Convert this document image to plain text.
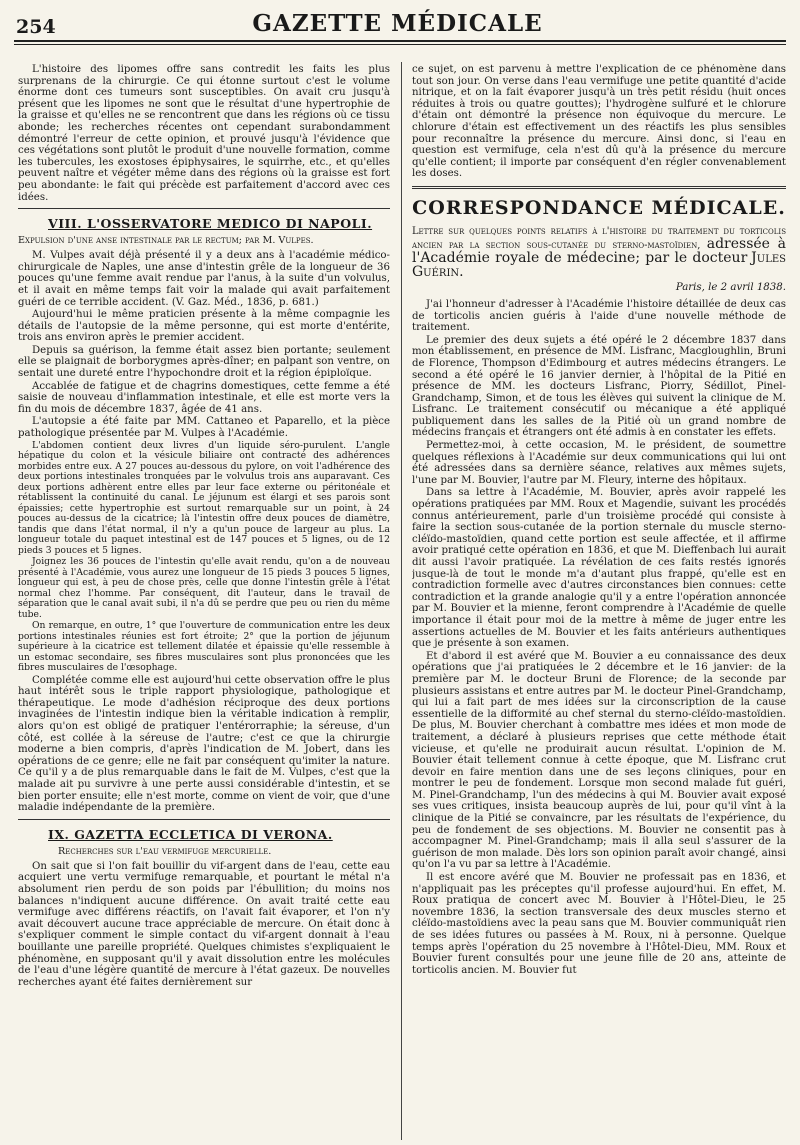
254	GAZETTE MÉDICALE

L'histoire des lipomes offre sans contredit les faits les plus surprenans de la chirurgie. Ce qui étonne surtout c'est le volume énorme dont ces tumeurs sont susceptibles. On avait cru jusqu'à présent que les lipomes ne sont que le résultat d'une hypertrophie de la graisse et qu'elles ne se rencontrent que dans les régions où ce tissu abonde; les recherches récentes ont cependant surabondamment démontré l'erreur de cette opinion, et prouvé jusqu'à l'évidence que ces végétations sont plutôt le produit d'une nouvelle formation, comme les tubercules, les exostoses épiphysaires, le squirrhe, etc., et qu'elles peuvent naître et végéter même dans des régions où la graisse est fort peu abondante: le fait qui précède est parfaitement d'accord avec ces idées.

VIII. L'OSSERVATORE MEDICO DI NAPOLI.
Expulsion d'une anse intestinale par le rectum; par M. Vulpes.

M. Vulpes avait déjà présenté il y a deux ans à l'académie médico-chirurgicale de Naples, une anse d'intestin grêle de la longueur de 36 pouces qu'une femme avait rendue par l'anus, à la suite d'un volvulus, et il avait en même temps fait voir la malade qui avait parfaitement guéri de ce terrible accident. (V. Gaz. Méd., 1836, p. 681.)

Aujourd'hui le même praticien présente à la même compagnie les détails de l'autopsie de la même personne, qui est morte d'entérite, trois ans environ après le premier accident.

Depuis sa guérison, la femme était assez bien portante; seulement elle se plaignait de borborygmes après-dîner; en palpant son ventre, on sentait une dureté entre l'hypochondre droit et la région épiploïque.

Accablée de fatigue et de chagrins domestiques, cette femme a été saisie de nouveau d'inflammation intestinale, et elle est morte vers la fin du mois de décembre 1837, âgée de 41 ans.

L'autopsie a été faite par MM. Cattaneo et Paparello, et la pièce pathologique présentée par M. Vulpes à l'Académie.

L'abdomen contient deux livres d'un liquide séro-purulent. L'angle hépatique du colon et la vésicule biliaire ont contracté des adhérences morbides entre eux. A 27 pouces au-dessous du pylore, on voit l'adhérence des deux portions intestinales tronquées par le volvulus trois ans auparavant. Ces deux portions adhèrent entre elles par leur face externe ou péritonéale et rétablissent la continuité du canal. Le jéjunum est élargi et ses parois sont épaissies; cette hypertrophie est surtout remarquable sur un point, à 24 pouces au-dessus de la cicatrice; là l'intestin offre deux pouces de diamètre, tandis que dans l'état normal, il n'y a qu'un pouce de largeur au plus. La longueur totale du paquet intestinal est de 147 pouces et 5 lignes, ou de 12 pieds 3 pouces et 5 lignes.

Joignez les 36 pouces de l'intestin qu'elle avait rendu, qu'on a de nouveau présenté à l'Académie, vous aurez une longueur de 15 pieds 3 pouces 5 lignes, longueur qui est, à peu de chose près, celle que donne l'intestin grêle à l'état normal chez l'homme. Par conséquent, dit l'auteur, dans le travail de séparation que le canal avait subi, il n'a dû se perdre que peu ou rien du même tube.

On remarque, en outre, 1° que l'ouverture de communication entre les deux portions intestinales réunies est fort étroite; 2° que la portion de jéjunum supérieure à la cicatrice est tellement dilatée et épaissie qu'elle ressemble à un estomac secondaire, ses fibres musculaires sont plus prononcées que les fibres musculaires de l'œsophage.

Complétée comme elle est aujourd'hui cette observation offre le plus haut intérêt sous le triple rapport physiologique, pathologique et thérapeutique. Le mode d'adhésion réciproque des deux portions invaginées de l'intestin indique bien la véritable indication à remplir, alors qu'on est obligé de pratiquer l'entérorraphie; la séreuse, d'un côté, est collée à la séreuse de l'autre; c'est ce que la chirurgie moderne a bien compris, d'après l'indication de M. Jobert, dans les opérations de ce genre; elle ne fait par conséquent qu'imiter la nature. Ce qu'il y a de plus remarquable dans le fait de M. Vulpes, c'est que la malade ait pu survivre à une perte aussi considérable d'intestin, et se bien porter ensuite; elle n'est morte, comme on vient de voir, que d'une maladie indépendante de la première.

IX. GAZETTA ECCLETICA DI VERONA.
Recherches sur l'eau vermifuge mercurielle.

On sait que si l'on fait bouillir du vif-argent dans de l'eau, cette eau acquiert une vertu vermifuge remarquable, et pourtant le métal n'a absolument rien perdu de son poids par l'ébullition; du moins nos balances n'indiquent aucune différence. On avait traité cette eau vermifuge avec différens réactifs, on l'avait fait évaporer, et l'on n'y avait découvert aucune trace appréciable de mercure. On était donc à s'expliquer comment le simple contact du vif-argent donnait à l'eau bouillante une pareille propriété. Quelques chimistes s'expliquaient le phénomène, en supposant qu'il y avait dissolution entre les molécules de l'eau d'une légère quantité de mercure à l'état gazeux. De nouvelles recherches ayant été faites dernièrement sur

ce sujet, on est parvenu à mettre l'explication de ce phénomène dans tout son jour. On verse dans l'eau vermifuge une petite quantité d'acide nitrique, et on la fait évaporer jusqu'à un très petit résidu (huit onces réduites à trois ou quatre gouttes); l'hydrogène sulfuré et le chlorure d'étain ont démontré la présence non équivoque du mercure. Le chlorure d'étain est effectivement un des réactifs les plus sensibles pour reconnaître la présence du mercure. Ainsi donc, si l'eau en question est vermifuge, cela n'est dû qu'à la présence du mercure qu'elle contient; il importe par conséquent d'en régler convenablement les doses.

CORRESPONDANCE MÉDICALE.
Lettre sur quelques points relatifs à l'histoire du traitement du torticolis ancien par la section sous-cutanée du sterno-mastoïdien, adressée à l'Académie royale de médecine; par le docteur Jules Guérin.
Paris, le 2 avril 1838.

J'ai l'honneur d'adresser à l'Académie l'histoire détaillée de deux cas de torticolis ancien guéris à l'aide d'une nouvelle méthode de traitement.

Le premier des deux sujets a été opéré le 2 décembre 1837 dans mon établissement, en présence de MM. Lisfranc, Macgloughlin, Bruni de Florence, Thompson d'Edimbourg et autres médecins étrangers. Le second a été opéré le 16 janvier dernier, à l'hôpital de la Pitié en présence de MM. les docteurs Lisfranc, Piorry, Sédillot, Pinel-Grandchamp, Simon, et de tous les élèves qui suivent la clinique de M. Lisfranc. Le traitement consécutif ou mécanique a été appliqué publiquement dans les salles de la Pitié où un grand nombre de médecins français et étrangers ont été admis à en constater les effets.

Permettez-moi, à cette occasion, M. le président, de soumettre quelques réflexions à l'Académie sur deux communications qui lui ont été adressées dans sa dernière séance, relatives aux mêmes sujets, l'une par M. Bouvier, l'autre par M. Fleury, interne des hôpitaux.

Dans sa lettre à l'Académie, M. Bouvier, après avoir rappelé les opérations pratiquées par MM. Roux et Magendie, suivant les procédés connus antérieurement, parle d'un troisième procédé qui consiste à faire la section sous-cutanée de la portion sternale du muscle sterno-cléïdo-mastoïdien, quand cette portion est seule affectée, et il affirme avoir pratiqué cette opération en 1836, et que M. Dieffenbach lui aurait dit aussi l'avoir pratiquée. La révélation de ces faits restés ignorés jusque-là de tout le monde m'a d'autant plus frappé, qu'elle est en contradiction formelle avec d'autres circonstances bien connues: cette contradiction et la grande analogie qu'il y a entre l'opération annoncée par M. Bouvier et la mienne, feront comprendre à l'Académie de quelle importance il était pour moi de la mettre à même de juger entre les assertions actuelles de M. Bouvier et les faits antérieurs authentiques que je présente à son examen.

Et d'abord il est avéré que M. Bouvier a eu connaissance des deux opérations que j'ai pratiquées le 2 décembre et le 16 janvier: de la première par M. le docteur Bruni de Florence; de la seconde par plusieurs assistans et entre autres par M. le docteur Pinel-Grandchamp, qui lui a fait part de mes idées sur la circonscription de la cause essentielle de la difformité au chef sternal du sterno-cléïdo-mastoïdien. De plus, M. Bouvier cherchant à combattre mes idées et mon mode de traitement, a déclaré à plusieurs reprises que cette méthode était vicieuse, et qu'elle ne produirait aucun résultat. L'opinion de M. Bouvier était tellement connue à cette époque, que M. Lisfranc crut devoir en faire mention dans une de ses leçons cliniques, pour en montrer le peu de fondement. Lorsque mon second malade fut guéri, M. Pinel-Grandchamp, l'un des médecins à qui M. Bouvier avait exposé ses vues critiques, insista beaucoup auprès de lui, pour qu'il vînt à la clinique de la Pitié se convaincre, par les résultats de l'expérience, du peu de fondement de ses objections. M. Bouvier ne consentit pas à accompagner M. Pinel-Grandchamp; mais il alla seul s'assurer de la guérison de mon malade. Dès lors son opinion paraît avoir changé, ainsi qu'on l'a vu par sa lettre à l'Académie.

Il est encore avéré que M. Bouvier ne professait pas en 1836, et n'appliquait pas les préceptes qu'il professe aujourd'hui. En effet, M. Roux pratiqua de concert avec M. Bouvier à l'Hôtel-Dieu, le 25 novembre 1836, la section transversale des deux muscles sterno et cléïdo-mastoïdiens avec la peau sans que M. Bouvier communiquât rien de ses idées futures ou passées à M. Roux, ni à personne. Quelque temps après l'opération du 25 novembre à l'Hôtel-Dieu, MM. Roux et Bouvier furent consultés pour une jeune fille de 20 ans, atteinte de torticolis ancien. M. Bouvier fut
